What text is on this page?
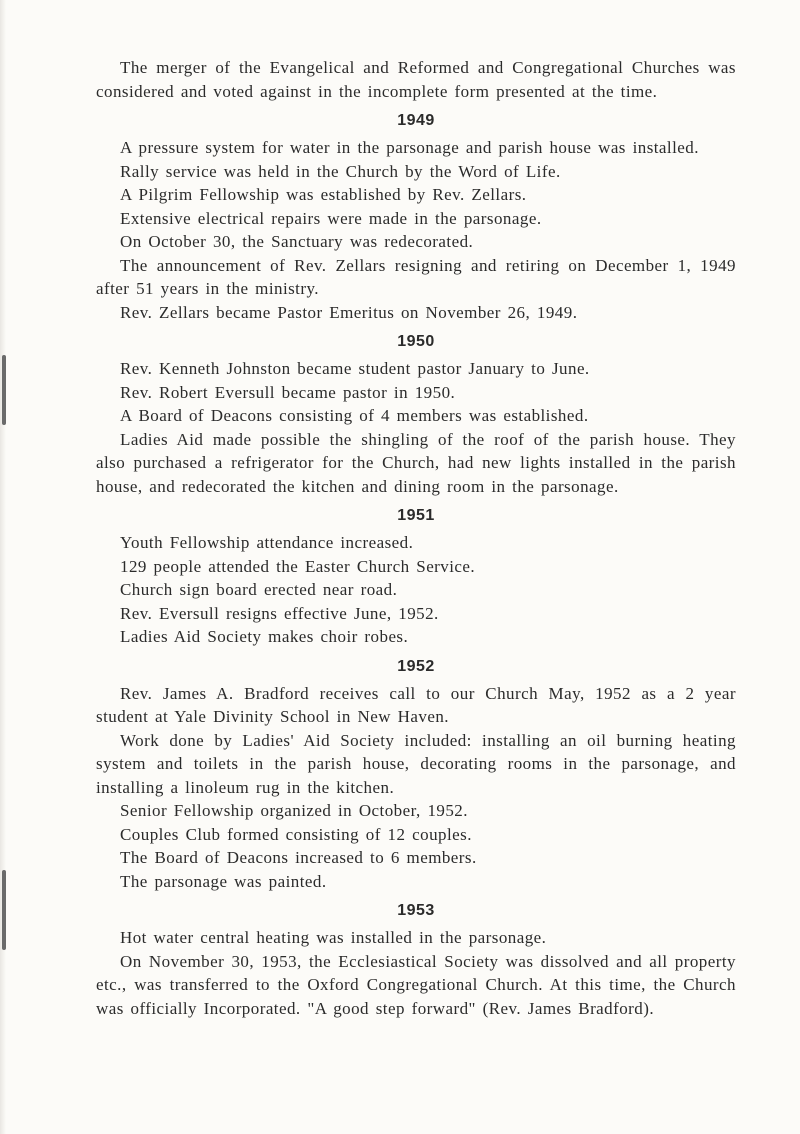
The merger of the Evangelical and Reformed and Congregational Churches was considered and voted against in the incomplete form presented at the time.

1949

A pressure system for water in the parsonage and parish house was installed.

Rally service was held in the Church by the Word of Life.

A Pilgrim Fellowship was established by Rev. Zellars.

Extensive electrical repairs were made in the parsonage.

On October 30, the Sanctuary was redecorated.

The announcement of Rev. Zellars resigning and retiring on December 1, 1949 after 51 years in the ministry.

Rev. Zellars became Pastor Emeritus on November 26, 1949.

1950

Rev. Kenneth Johnston became student pastor January to June.

Rev. Robert Eversull became pastor in 1950.

A Board of Deacons consisting of 4 members was established.

Ladies Aid made possible the shingling of the roof of the parish house. They also purchased a refrigerator for the Church, had new lights installed in the parish house, and redecorated the kitchen and dining room in the parsonage.

1951

Youth Fellowship attendance increased.

129 people attended the Easter Church Service.

Church sign board erected near road.

Rev. Eversull resigns effective June, 1952.

Ladies Aid Society makes choir robes.

1952

Rev. James A. Bradford receives call to our Church May, 1952 as a 2 year student at Yale Divinity School in New Haven.

Work done by Ladies' Aid Society included: installing an oil burning heating system and toilets in the parish house, decorating rooms in the parsonage, and installing a linoleum rug in the kitchen.

Senior Fellowship organized in October, 1952.

Couples Club formed consisting of 12 couples.

The Board of Deacons increased to 6 members.

The parsonage was painted.

1953

Hot water central heating was installed in the parsonage.

On November 30, 1953, the Ecclesiastical Society was dissolved and all property etc., was transferred to the Oxford Congregational Church. At this time, the Church was officially Incorporated. "A good step forward" (Rev. James Bradford).
